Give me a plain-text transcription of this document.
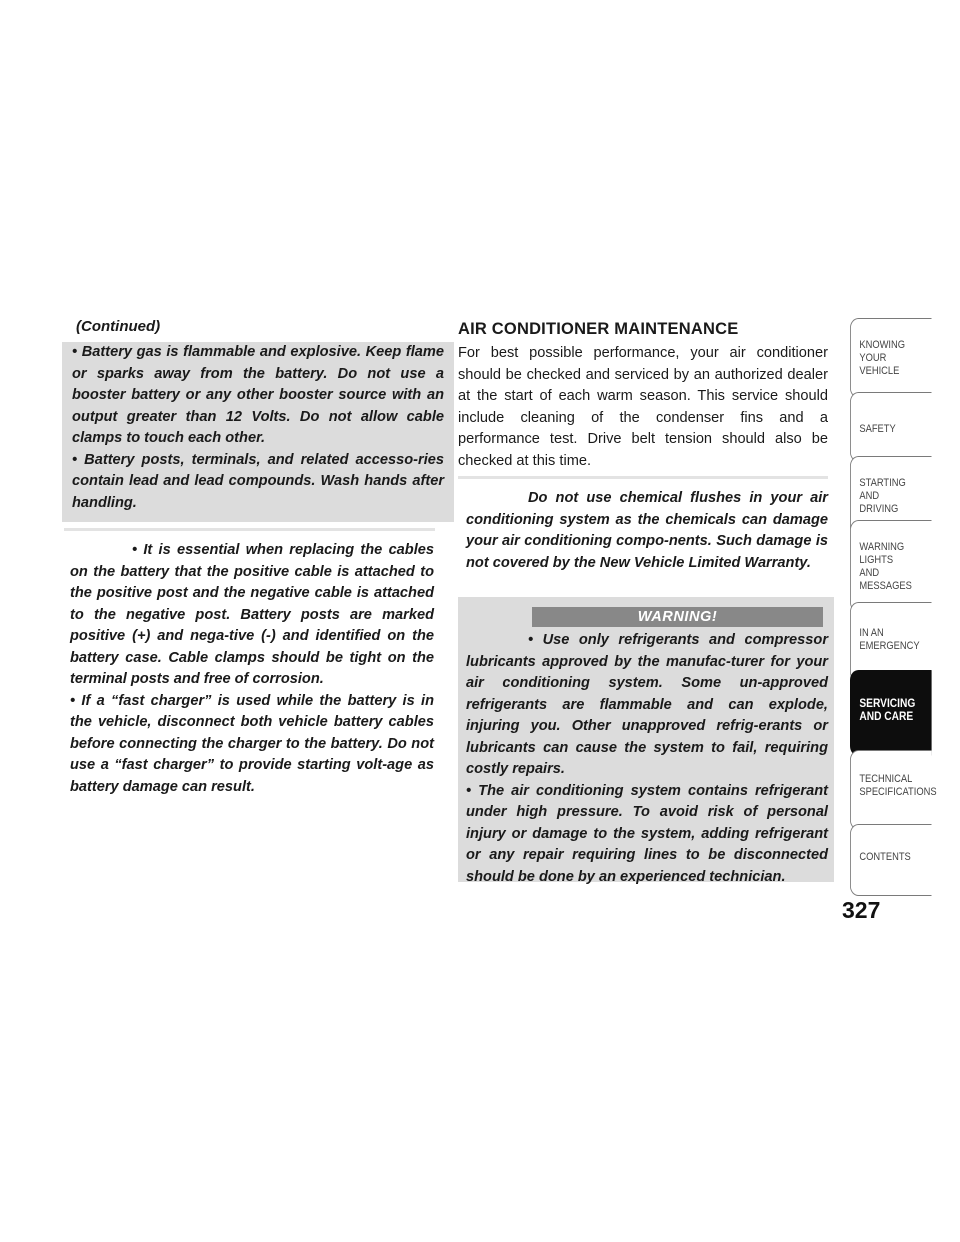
(Continued)

• Battery gas is flammable and explosive. Keep flame or sparks away from the battery. Do not use a booster battery or any other booster source with an output greater than 12 Volts. Do not allow cable clamps to touch each other.

• Battery posts, terminals, and related accesso-ries contain lead and lead compounds. Wash hands after handling.

• It is essential when replacing the cables on the battery that the positive cable is attached to the positive post and the negative cable is attached to the negative post. Battery posts are marked positive (+) and nega-tive (-) and identified on the battery case. Cable clamps should be tight on the terminal posts and free of corrosion.

• If a “fast charger” is used while the battery is in the vehicle, disconnect both vehicle battery cables before connecting the charger to the battery. Do not use a “fast charger” to provide starting volt-age as battery damage can result.

AIR CONDITIONER MAINTENANCE
For best possible performance, your air conditioner should be checked and serviced by an authorized dealer at the start of each warm season. This service should include cleaning of the condenser fins and a performance test. Drive belt tension should also be checked at this time.
Do not use chemical flushes in your air conditioning system as the chemicals can damage your air conditioning compo-nents. Such damage is not covered by the New Vehicle Limited Warranty.
WARNING!

• Use only refrigerants and compressor lubricants approved by the manufac-turer for your air conditioning system. Some un-approved refrigerants are flammable and can explode, injuring you. Other unapproved refrig-erants or lubricants can cause the system to fail, requiring costly repairs.

• The air conditioning system contains refrigerant under high pressure. To avoid risk of personal injury or damage to the system, adding refrigerant or any repair requiring lines to be disconnected should be done by an experienced technician.

KNOWING
YOUR
VEHICLE
SAFETY
STARTING
AND
DRIVING
WARNING
LIGHTS
AND
MESSAGES
IN AN
EMERGENCY
SERVICING
AND CARE
TECHNICAL
SPECIFICATIONS
CONTENTS
327
